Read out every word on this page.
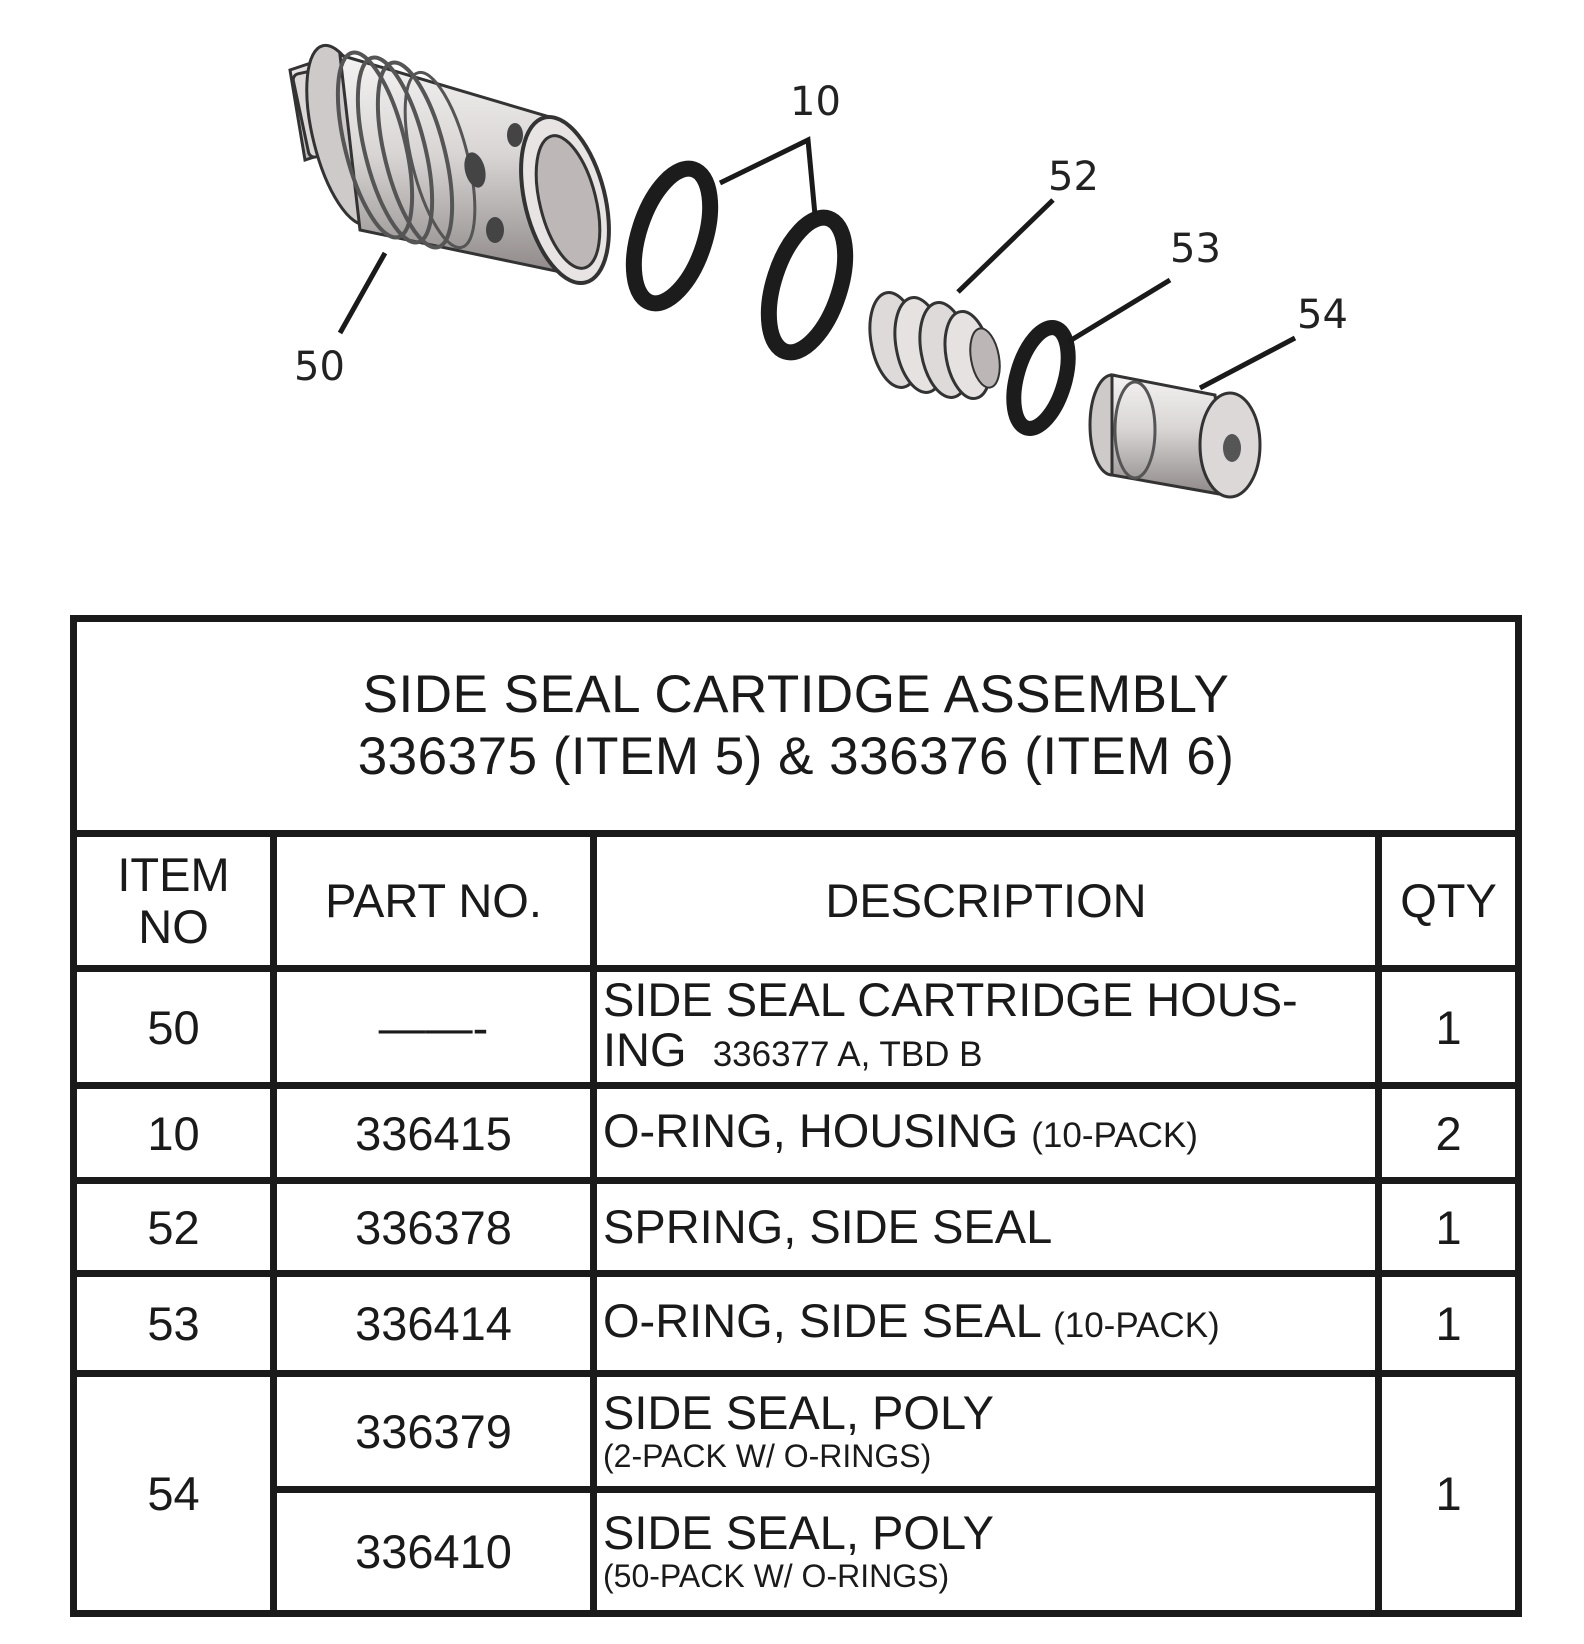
10
52
53
54
50
SIDE SEAL CARTIDGE ASSEMBLY
336375 (ITEM 5) & 336376 (ITEM 6)			
ITEM
NO	PART NO.	DESCRIPTION	QTY
50	——-	SIDE SEAL CARTRIDGE HOUS-
ING 336377 A, TBD B	1
10	336415	O-RING, HOUSING (10-PACK)	2
52	336378	SPRING, SIDE SEAL	1
53	336414	O-RING, SIDE SEAL (10-PACK)	1
54	336379	SIDE SEAL, POLY
(2-PACK W/ O-RINGS)	1
	336410	SIDE SEAL, POLY
(50-PACK W/ O-RINGS)	
